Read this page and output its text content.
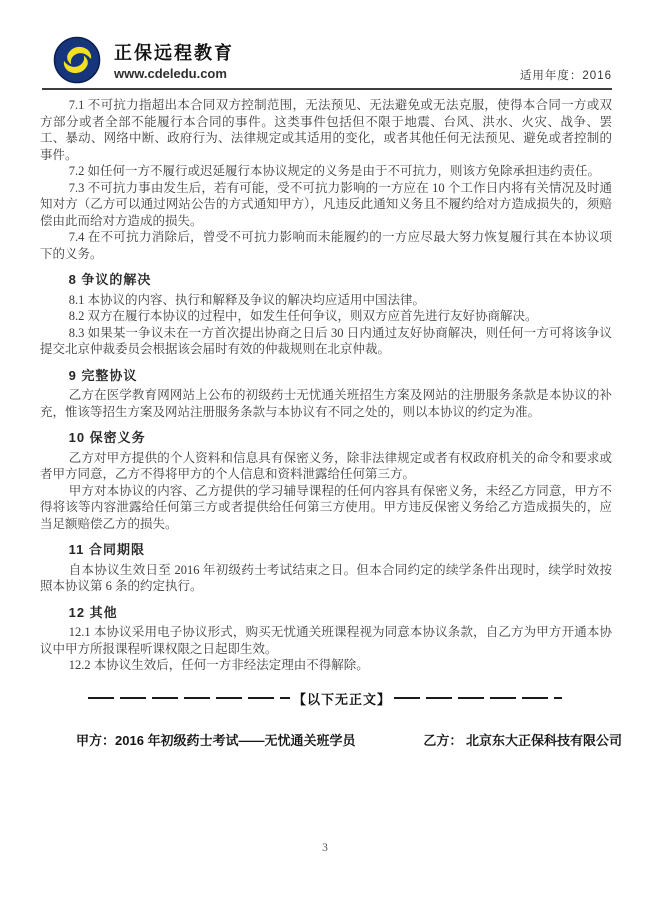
正保远程教育
www.cdeledu.com	适用年度：2016

7.1 不可抗力指超出本合同双方控制范围，无法预见、无法避免或无法克服，使得本合同一方或双方部分或者全部不能履行本合同的事件。这类事件包括但不限于地震、台风、洪水、火灾、战争、罢工、暴动、网络中断、政府行为、法律规定或其适用的变化，或者其他任何无法预见、避免或者控制的事件。

7.2 如任何一方不履行或迟延履行本协议规定的义务是由于不可抗力，则该方免除承担违约责任。

7.3 不可抗力事由发生后，若有可能，受不可抗力影响的一方应在 10 个工作日内将有关情况及时通知对方（乙方可以通过网站公告的方式通知甲方），凡违反此通知义务且不履约给对方造成损失的，须赔偿由此而给对方造成的损失。

7.4 在不可抗力消除后，曾受不可抗力影响而未能履约的一方应尽最大努力恢复履行其在本协议项下的义务。

8 争议的解决

8.1 本协议的内容、执行和解释及争议的解决均应适用中国法律。

8.2 双方在履行本协议的过程中，如发生任何争议，则双方应首先进行友好协商解决。

8.3 如果某一争议未在一方首次提出协商之日后 30 日内通过友好协商解决，则任何一方可将该争议提交北京仲裁委员会根据该会届时有效的仲裁规则在北京仲裁。

9 完整协议

乙方在医学教育网网站上公布的初级药士无忧通关班招生方案及网站的注册服务条款是本协议的补充，惟该等招生方案及网站注册服务条款与本协议有不同之处的，则以本协议的约定为准。

10 保密义务

乙方对甲方提供的个人资料和信息具有保密义务，除非法律规定或者有权政府机关的命令和要求或者甲方同意，乙方不得将甲方的个人信息和资料泄露给任何第三方。

甲方对本协议的内容、乙方提供的学习辅导课程的任何内容具有保密义务，未经乙方同意，甲方不得将该等内容泄露给任何第三方或者提供给任何第三方使用。甲方违反保密义务给乙方造成损失的，应当足额赔偿乙方的损失。

11 合同期限

自本协议生效日至 2016 年初级药士考试结束之日。但本合同约定的续学条件出现时，续学时效按照本协议第 6 条的约定执行。

12 其他

12.1 本协议采用电子协议形式，购买无忧通关班课程视为同意本协议条款，自乙方为甲方开通本协议中甲方所报课程听课权限之日起即生效。

12.2 本协议生效后，任何一方非经法定理由不得解除。

【以下无正文】
甲方：2016 年初级药士考试——无忧通关班学员	乙方： 北京东大正保科技有限公司
3
